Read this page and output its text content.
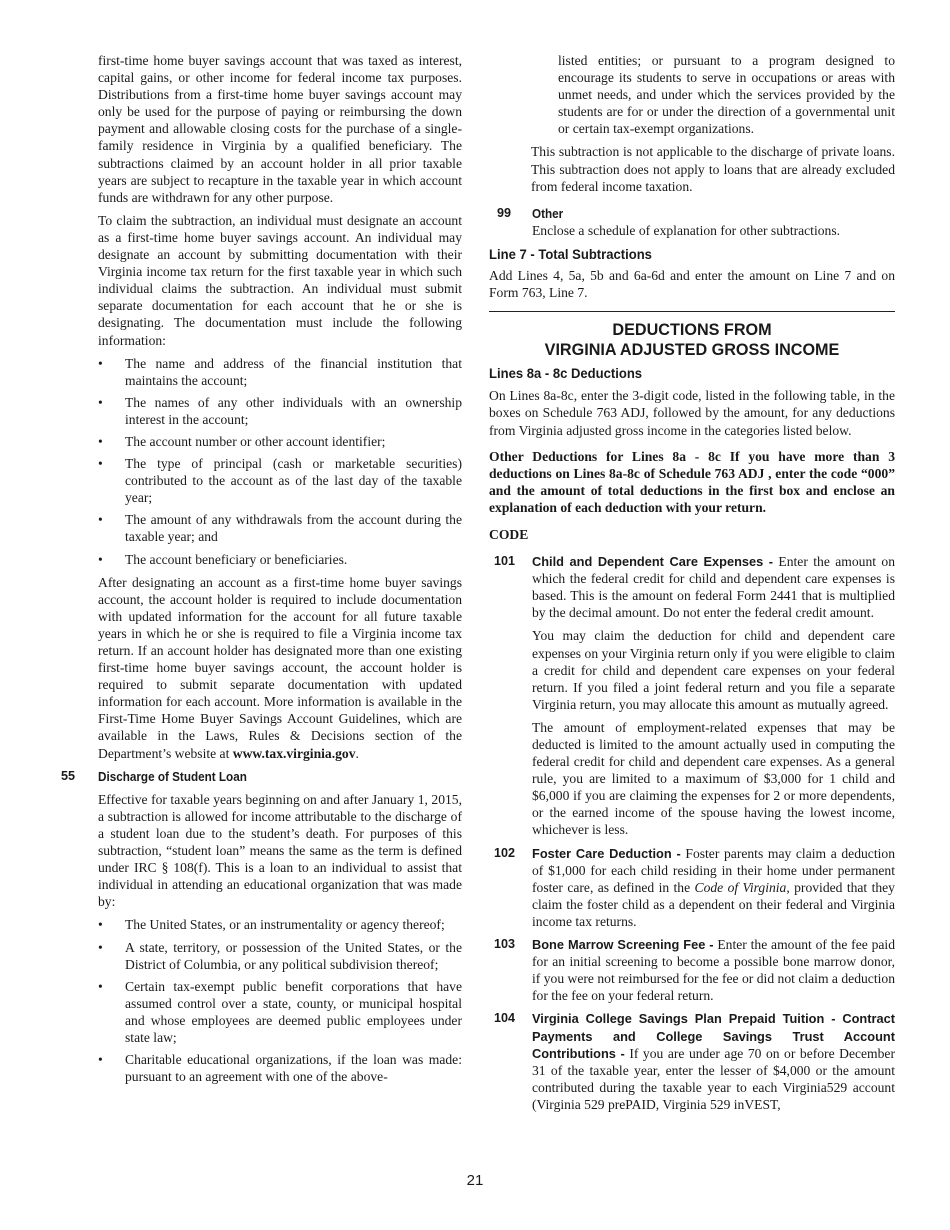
first-time home buyer savings account that was taxed as interest, capital gains, or other income for federal income tax purposes. Distributions from a first-time home buyer savings account may only be used for the purpose of paying or reimbursing the down payment and allowable closing costs for the purchase of a single-family residence in Virginia by a qualified beneficiary. The subtractions claimed by an account holder in all prior taxable years are subject to recapture in the taxable year in which account funds are withdrawn for any other purpose.

To claim the subtraction, an individual must designate an account as a first-time home buyer savings account. An individual may designate an account by submitting documentation with their Virginia income tax return for the first taxable year in which such individual claims the subtraction. An individual must submit separate documentation for each account that he or she is designating. The documentation must include the following information:

• The name and address of the financial institution that maintains the account;
• The names of any other individuals with an ownership interest in the account;
• The account number or other account identifier;
• The type of principal (cash or marketable securities) contributed to the account as of the last day of the taxable year;
• The amount of any withdrawals from the account during the taxable year; and
• The account beneficiary or beneficiaries.

After designating an account as a first-time home buyer savings account, the account holder is required to include documentation with updated information for the account for all future taxable years in which he or she is required to file a Virginia income tax return. If an account holder has designated more than one existing first-time home buyer savings account, the account holder is required to submit separate documentation with updated information for each account. More information is available in the First-Time Home Buyer Savings Account Guidelines, which are available in the Laws, Rules & Decisions section of the Department’s website at www.tax.virginia.gov.

55 Discharge of Student Loan

Effective for taxable years beginning on and after January 1, 2015, a subtraction is allowed for income attributable to the discharge of a student loan due to the student’s death. For purposes of this subtraction, “student loan” means the same as the term is defined under IRC § 108(f). This is a loan to an individual to assist that individual in attending an educational organization that was made by:

• The United States, or an instrumentality or agency thereof;
• A state, territory, or possession of the United States, or the District of Columbia, or any political subdivision thereof;
• Certain tax-exempt public benefit corporations that have assumed control over a state, county, or municipal hospital and whose employees are deemed public employees under state law;
• Charitable educational organizations, if the loan was made: pursuant to an agreement with one of the above-

listed entities; or pursuant to a program designed to encourage its students to serve in occupations or areas with unmet needs, and under which the services provided by the students are for or under the direction of a governmental unit or certain tax-exempt organizations.

This subtraction is not applicable to the discharge of private loans. This subtraction does not apply to loans that are already excluded from federal income taxation.

99 Other

Enclose a schedule of explanation for other subtractions.

Line 7 - Total Subtractions

Add Lines 4, 5a, 5b and 6a-6d and enter the amount on Line 7 and on Form 763, Line 7.

DEDUCTIONS FROM
VIRGINIA ADJUSTED GROSS INCOME
Lines 8a - 8c Deductions

On Lines 8a-8c, enter the 3-digit code, listed in the following table, in the boxes on Schedule 763 ADJ, followed by the amount, for any deductions from Virginia adjusted gross income in the categories listed below.

Other Deductions for Lines 8a - 8c If you have more than 3 deductions on Lines 8a-8c of Schedule 763 ADJ , enter the code “000” and the amount of total deductions in the first box and enclose an explanation of each deduction with your return.

CODE

101 Child and Dependent Care Expenses - Enter the amount on which the federal credit for child and dependent care expenses is based. This is the amount on federal Form 2441 that is multiplied by the decimal amount. Do not enter the federal credit amount.

You may claim the deduction for child and dependent care expenses on your Virginia return only if you were eligible to claim a credit for child and dependent care expenses on your federal return. If you filed a joint federal return and you file a separate Virginia return, you may allocate this amount as mutually agreed.

The amount of employment-related expenses that may be deducted is limited to the amount actually used in computing the federal credit for child and dependent care expenses. As a general rule, you are limited to a maximum of $3,000 for 1 child and $6,000 if you are claiming the expenses for 2 or more dependents, or the earned income of the spouse having the lowest income, whichever is less.

102 Foster Care Deduction - Foster parents may claim a deduction of $1,000 for each child residing in their home under permanent foster care, as defined in the Code of Virginia, provided that they claim the foster child as a dependent on their federal and Virginia income tax returns.

103 Bone Marrow Screening Fee - Enter the amount of the fee paid for an initial screening to become a possible bone marrow donor, if you were not reimbursed for the fee or did not claim a deduction for the fee on your federal return.

104 Virginia College Savings Plan Prepaid Tuition - Contract Payments and College Savings Trust Account Contributions - If you are under age 70 on or before December 31 of the taxable year, enter the lesser of $4,000 or the amount contributed during the taxable year to each Virginia529 account (Virginia 529 prePAID, Virginia 529 inVEST,

21
